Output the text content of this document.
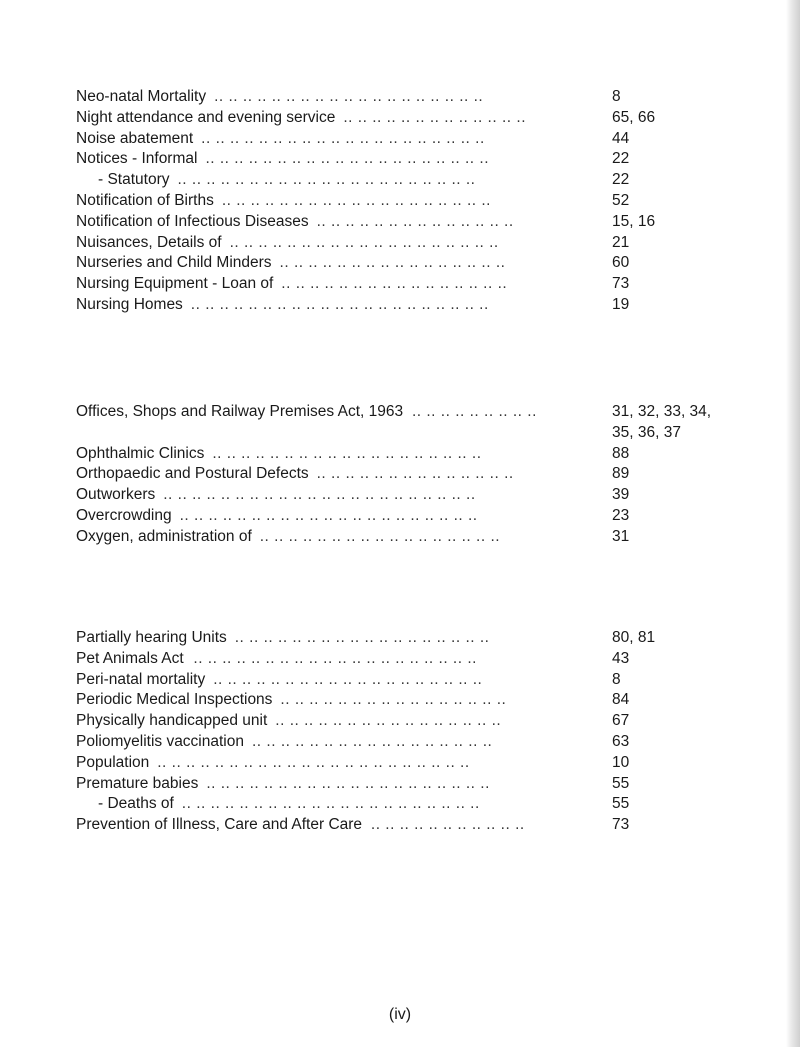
Neo-natal Mortality .. .. .. .. .. .. .. .. .. .. .. .. .. .. .. .. .. .. ..	8
Night attendance and evening service .. .. .. .. .. .. .. .. .. .. .. .. ..	65, 66
Noise abatement .. .. .. .. .. .. .. .. .. .. .. .. .. .. .. .. .. .. .. ..	44
Notices - Informal .. .. .. .. .. .. .. .. .. .. .. .. .. .. .. .. .. .. .. ..	22
- Statutory .. .. .. .. .. .. .. .. .. .. .. .. .. .. .. .. .. .. .. .. ..	22
Notification of Births .. .. .. .. .. .. .. .. .. .. .. .. .. .. .. .. .. .. ..	52
Notification of Infectious Diseases .. .. .. .. .. .. .. .. .. .. .. .. .. ..	15, 16
Nuisances, Details of .. .. .. .. .. .. .. .. .. .. .. .. .. .. .. .. .. .. ..	21
Nurseries and Child Minders .. .. .. .. .. .. .. .. .. .. .. .. .. .. .. ..	60
Nursing Equipment - Loan of .. .. .. .. .. .. .. .. .. .. .. .. .. .. .. ..	73
Nursing Homes .. .. .. .. .. .. .. .. .. .. .. .. .. .. .. .. .. .. .. .. ..	19
Offices, Shops and Railway Premises Act, 1963 .. .. .. .. .. .. .. .. ..	31, 32, 33, 34,
35, 36, 37
Ophthalmic Clinics .. .. .. .. .. .. .. .. .. .. .. .. .. .. .. .. .. .. ..	88
Orthopaedic and Postural Defects .. .. .. .. .. .. .. .. .. .. .. .. .. ..	89
Outworkers .. .. .. .. .. .. .. .. .. .. .. .. .. .. .. .. .. .. .. .. .. ..	39
Overcrowding .. .. .. .. .. .. .. .. .. .. .. .. .. .. .. .. .. .. .. .. ..	23
Oxygen, administration of .. .. .. .. .. .. .. .. .. .. .. .. .. .. .. .. ..	31
Partially hearing Units .. .. .. .. .. .. .. .. .. .. .. .. .. .. .. .. .. ..	80, 81
Pet Animals Act .. .. .. .. .. .. .. .. .. .. .. .. .. .. .. .. .. .. .. ..	43
Peri-natal mortality .. .. .. .. .. .. .. .. .. .. .. .. .. .. .. .. .. .. ..	8
Periodic Medical Inspections .. .. .. .. .. .. .. .. .. .. .. .. .. .. .. ..	84
Physically handicapped unit .. .. .. .. .. .. .. .. .. .. .. .. .. .. .. ..	67
Poliomyelitis vaccination .. .. .. .. .. .. .. .. .. .. .. .. .. .. .. .. ..	63
Population .. .. .. .. .. .. .. .. .. .. .. .. .. .. .. .. .. .. .. .. .. ..	10
Premature babies .. .. .. .. .. .. .. .. .. .. .. .. .. .. .. .. .. .. .. ..	55
- Deaths of .. .. .. .. .. .. .. .. .. .. .. .. .. .. .. .. .. .. .. .. ..	55
Prevention of Illness, Care and After Care .. .. .. .. .. .. .. .. .. .. ..	73
(iv)
